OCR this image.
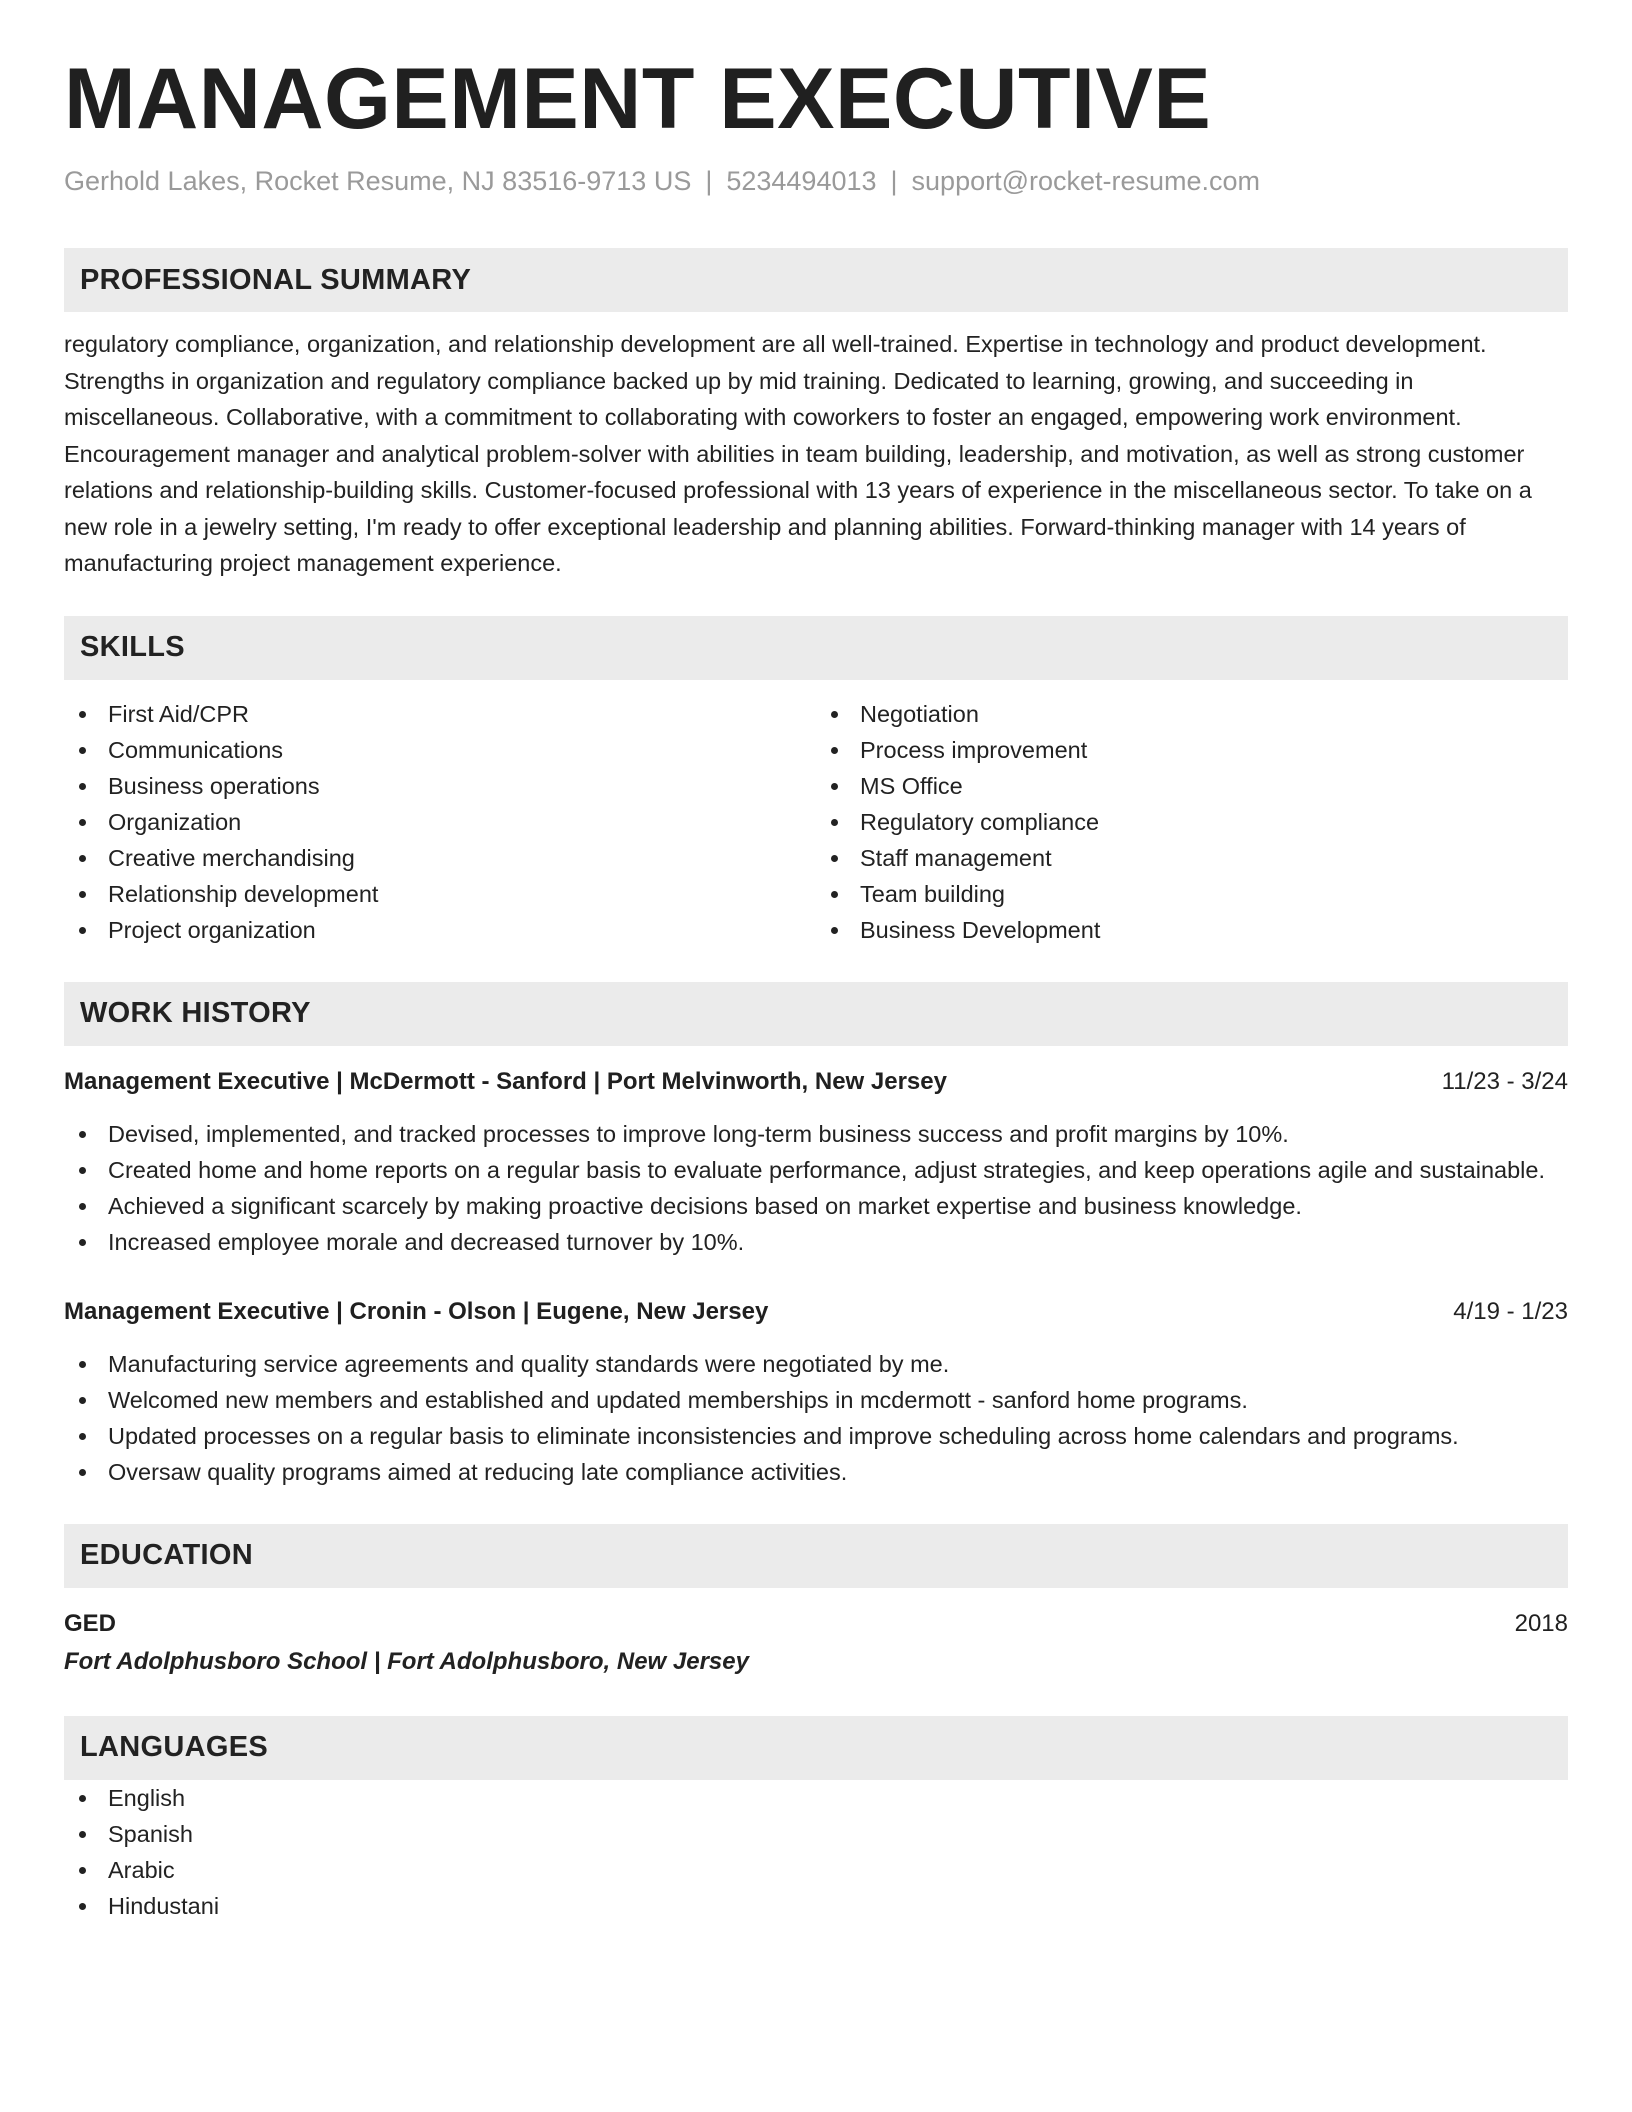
MANAGEMENT EXECUTIVE
Gerhold Lakes, Rocket Resume, NJ 83516-9713 US | 5234494013 | support@rocket-resume.com
PROFESSIONAL SUMMARY
regulatory compliance, organization, and relationship development are all well-trained. Expertise in technology and product development. Strengths in organization and regulatory compliance backed up by mid training. Dedicated to learning, growing, and succeeding in miscellaneous. Collaborative, with a commitment to collaborating with coworkers to foster an engaged, empowering work environment. Encouragement manager and analytical problem-solver with abilities in team building, leadership, and motivation, as well as strong customer relations and relationship-building skills. Customer-focused professional with 13 years of experience in the miscellaneous sector. To take on a new role in a jewelry setting, I'm ready to offer exceptional leadership and planning abilities. Forward-thinking manager with 14 years of manufacturing project management experience.
SKILLS
First Aid/CPR
Communications
Business operations
Organization
Creative merchandising
Relationship development
Project organization
Negotiation
Process improvement
MS Office
Regulatory compliance
Staff management
Team building
Business Development
WORK HISTORY
Management Executive | McDermott - Sanford | Port Melvinworth, New Jersey	11/23 - 3/24
Devised, implemented, and tracked processes to improve long-term business success and profit margins by 10%.
Created home and home reports on a regular basis to evaluate performance, adjust strategies, and keep operations agile and sustainable.
Achieved a significant scarcely by making proactive decisions based on market expertise and business knowledge.
Increased employee morale and decreased turnover by 10%.
Management Executive | Cronin - Olson | Eugene, New Jersey	4/19 - 1/23
Manufacturing service agreements and quality standards were negotiated by me.
Welcomed new members and established and updated memberships in mcdermott - sanford home programs.
Updated processes on a regular basis to eliminate inconsistencies and improve scheduling across home calendars and programs.
Oversaw quality programs aimed at reducing late compliance activities.
EDUCATION
GED	2018
Fort Adolphusboro School | Fort Adolphusboro, New Jersey
LANGUAGES
English
Spanish
Arabic
Hindustani
